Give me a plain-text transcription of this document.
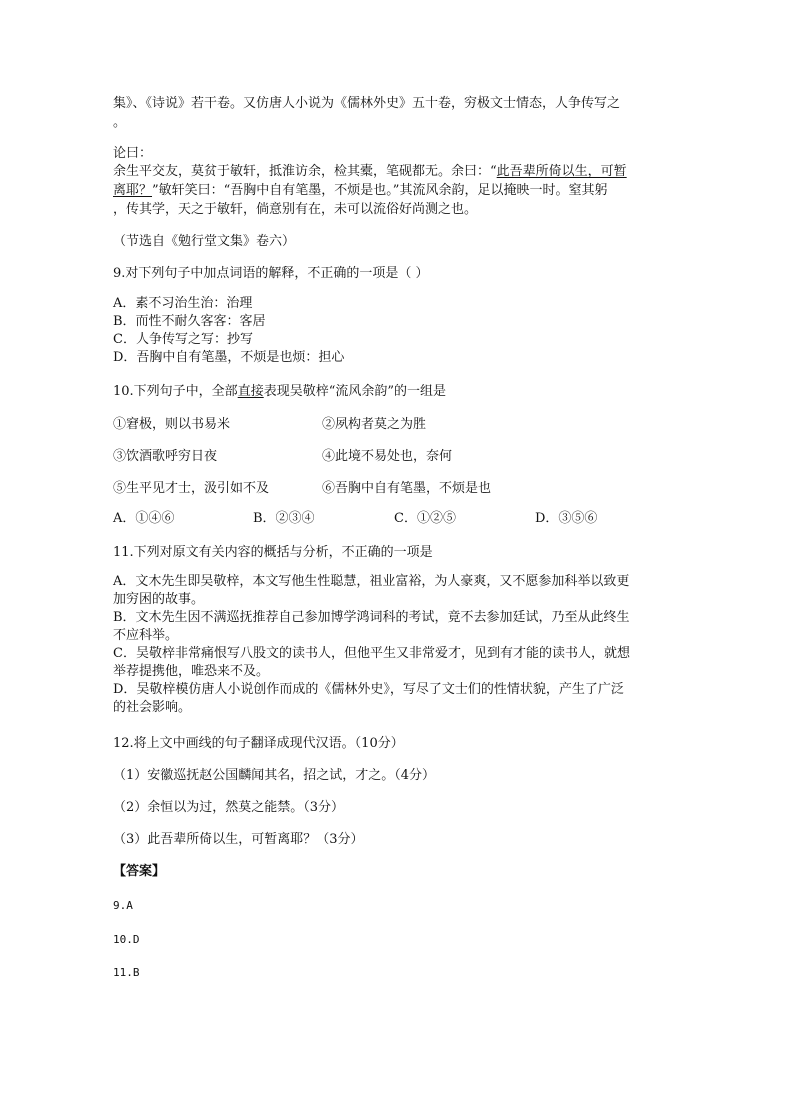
集》、《诗说》若干卷。又仿唐人小说为《儒林外史》五十卷，穷极文士情态，人争传写之
。
论曰：
余生平交友，莫贫于敏轩，抵淮访余，检其橐，笔砚都无。余曰：“此吾辈所倚以生，可暂
离耶？”敏轩笑曰：“吾胸中自有笔墨，不烦是也。”其流风余韵，足以掩映一时。窒其躬
，传其学，天之于敏轩，倘意别有在，未可以流俗好尚测之也。
（节选自《勉行堂文集》卷六）
9.对下列句子中加点词语的解释，不正确的一项是（ ）
A．素不习治生治：治理
B．而性不耐久客客：客居
C．人争传写之写：抄写
D．吾胸中自有笔墨，不烦是也烦：担心
10.下列句子中，全部直接表现吴敬梓“流风余韵”的一组是
①窘极，则以书易米	②夙构者莫之为胜
③饮酒歌呼穷日夜	④此境不易处也，奈何
⑤生平见才士，汲引如不及	⑥吾胸中自有笔墨，不烦是也
A．①④⑥	B．②③④	C．①②⑤	D．③⑤⑥
11.下列对原文有关内容的概括与分析，不正确的一项是
A．文木先生即吴敬梓，本文写他生性聪慧，祖业富裕，为人豪爽，又不愿参加科举以致更
加穷困的故事。
B．文木先生因不满巡抚推荐自己参加博学鸿词科的考试，竟不去参加廷试，乃至从此终生
不应科举。
C．吴敬梓非常痛恨写八股文的读书人，但他平生又非常爱才，见到有才能的读书人，就想
举荐提携他，唯恐来不及。
D．吴敬梓模仿唐人小说创作而成的《儒林外史》，写尽了文士们的性情状貌，产生了广泛
的社会影响。
12.将上文中画线的句子翻译成现代汉语。（10分）
（1）安徽巡抚赵公国麟闻其名，招之试，才之。（4分）
（2）余恒以为过，然莫之能禁。（3分）
（3）此吾辈所倚以生，可暂离耶？（3分）
【答案】
9.A
10.D
11.B
